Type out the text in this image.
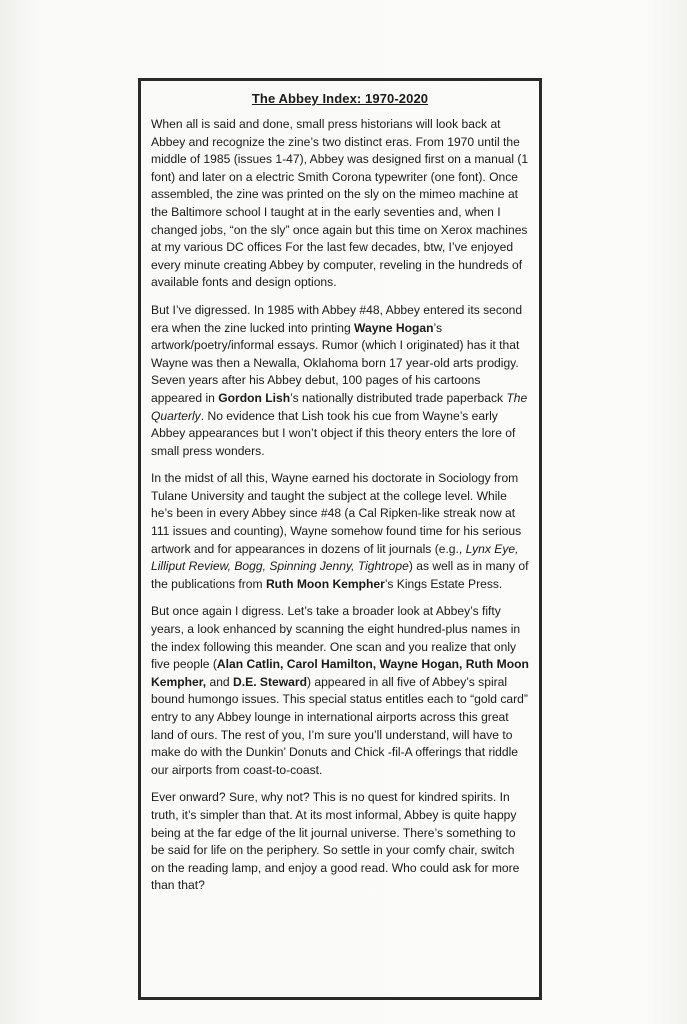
The Abbey Index: 1970-2020

When all is said and done, small press historians will look back at Abbey and recognize the zine’s two distinct eras. From 1970 until the middle of 1985 (issues 1-47), Abbey was designed first on a manual (1 font) and later on a electric Smith Corona typewriter (one font). Once assembled, the zine was printed on the sly on the mimeo machine at the Baltimore school I taught at in the early seventies and, when I changed jobs, “on the sly” once again but this time on Xerox machines at my various DC offices For the last few decades, btw, I’ve enjoyed every minute creating Abbey by computer, reveling in the hundreds of available fonts and design options.

But I’ve digressed. In 1985 with Abbey #48, Abbey entered its second era when the zine lucked into printing Wayne Hogan’s artwork/poetry/informal essays. Rumor (which I originated) has it that Wayne was then a Newalla, Oklahoma born 17 year-old arts prodigy. Seven years after his Abbey debut, 100 pages of his cartoons appeared in Gordon Lish’s nationally distributed trade paperback The Quarterly. No evidence that Lish took his cue from Wayne’s early Abbey appearances but I won’t object if this theory enters the lore of small press wonders.

In the midst of all this, Wayne earned his doctorate in Sociology from Tulane University and taught the subject at the college level. While he’s been in every Abbey since #48 (a Cal Ripken-like streak now at 111 issues and counting), Wayne somehow found time for his serious artwork and for appearances in dozens of lit journals (e.g., Lynx Eye, Lilliput Review, Bogg, Spinning Jenny, Tightrope) as well as in many of the publications from Ruth Moon Kempher’s Kings Estate Press.

But once again I digress. Let’s take a broader look at Abbey’s fifty years, a look enhanced by scanning the eight hundred-plus names in the index following this meander. One scan and you realize that only five people (Alan Catlin, Carol Hamilton, Wayne Hogan, Ruth Moon Kempher, and D.E. Steward) appeared in all five of Abbey’s spiral bound humongo issues. This special status entitles each to “gold card” entry to any Abbey lounge in international airports across this great land of ours. The rest of you, I’m sure you’ll understand, will have to make do with the Dunkin’ Donuts and Chick -fil-A offerings that riddle our airports from coast-to-coast.

Ever onward? Sure, why not? This is no quest for kindred spirits. In truth, it’s simpler than that. At its most informal, Abbey is quite happy being at the far edge of the lit journal universe. There’s something to be said for life on the periphery. So settle in your comfy chair, switch on the reading lamp, and enjoy a good read. Who could ask for more than that?
